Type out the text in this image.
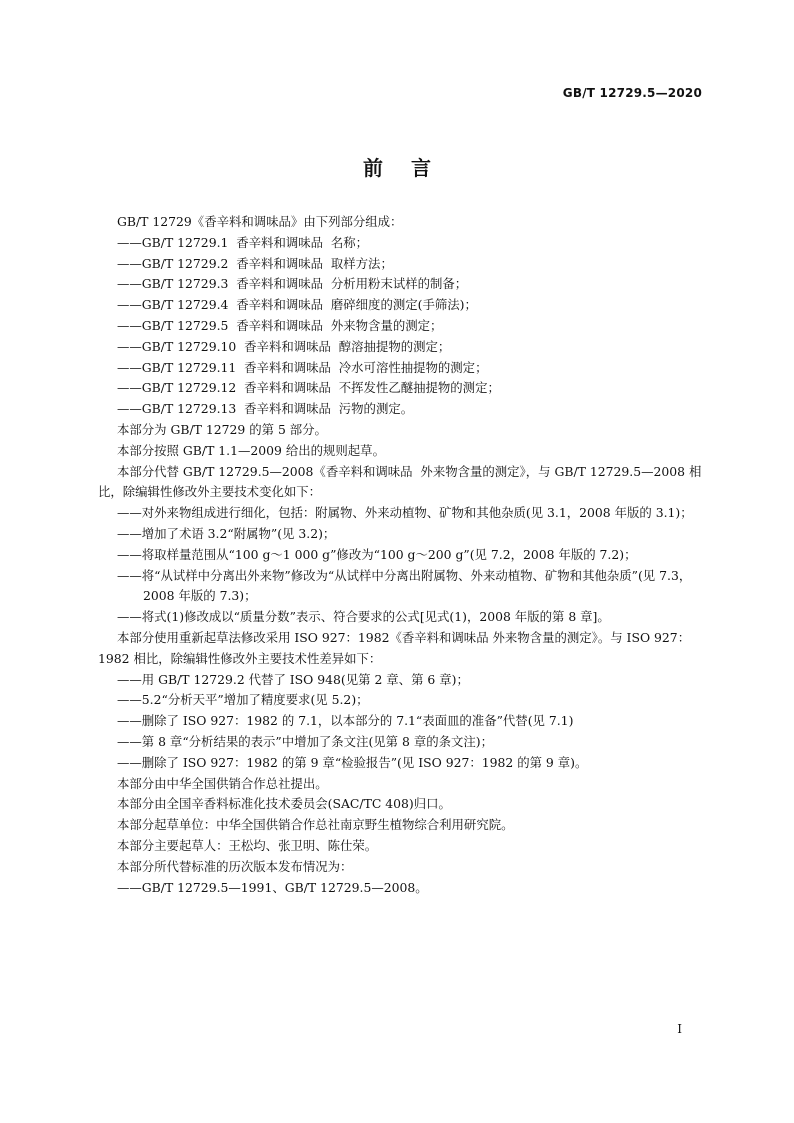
GB/T 12729.5—2020
前 言
GB/T 12729《香辛料和调味品》由下列部分组成：
——GB/T 12729.1  香辛料和调味品  名称；
——GB/T 12729.2  香辛料和调味品  取样方法；
——GB/T 12729.3  香辛料和调味品  分析用粉末试样的制备；
——GB/T 12729.4  香辛料和调味品  磨碎细度的测定(手筛法)；
——GB/T 12729.5  香辛料和调味品  外来物含量的测定；
——GB/T 12729.10  香辛料和调味品  醇溶抽提物的测定；
——GB/T 12729.11  香辛料和调味品  冷水可溶性抽提物的测定；
——GB/T 12729.12  香辛料和调味品  不挥发性乙醚抽提物的测定；
——GB/T 12729.13  香辛料和调味品  污物的测定。
本部分为 GB/T 12729 的第 5 部分。
本部分按照 GB/T 1.1—2009 给出的规则起草。
本部分代替 GB/T 12729.5—2008《香辛料和调味品  外来物含量的测定》，与 GB/T 12729.5—2008 相比，除编辑性修改外主要技术变化如下：
——对外来物组成进行细化，包括：附属物、外来动植物、矿物和其他杂质(见 3.1，2008 年版的 3.1)；
——增加了术语 3.2“附属物”(见 3.2)；
——将取样量范围从“100 g～1 000 g”修改为“100 g～200 g”(见 7.2，2008 年版的 7.2)；
——将“从试样中分离出外来物”修改为“从试样中分离出附属物、外来动植物、矿物和其他杂质”(见 7.3，2008 年版的 7.3)；
——将式(1)修改成以“质量分数”表示、符合要求的公式[见式(1)，2008 年版的第 8 章]。
本部分使用重新起草法修改采用 ISO 927：1982《香辛料和调味品 外来物含量的测定》。与 ISO 927：1982 相比，除编辑性修改外主要技术性差异如下：
——用 GB/T 12729.2 代替了 ISO 948(见第 2 章、第 6 章)；
——5.2“分析天平”增加了精度要求(见 5.2)；
——删除了 ISO 927：1982 的 7.1，以本部分的 7.1“表面皿的准备”代替(见 7.1)
——第 8 章“分析结果的表示”中增加了条文注(见第 8 章的条文注)；
——删除了 ISO 927：1982 的第 9 章“检验报告”(见 ISO 927：1982 的第 9 章)。
本部分由中华全国供销合作总社提出。
本部分由全国辛香料标准化技术委员会(SAC/TC 408)归口。
本部分起草单位：中华全国供销合作总社南京野生植物综合利用研究院。
本部分主要起草人：王松均、张卫明、陈仕荣。
本部分所代替标准的历次版本发布情况为：
——GB/T 12729.5—1991、GB/T 12729.5—2008。
I
